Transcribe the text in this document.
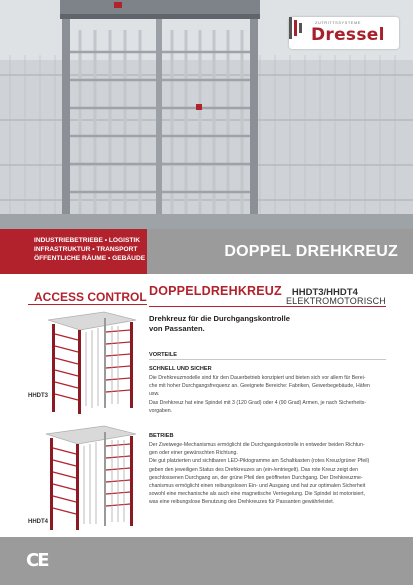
ZUTRITTSSYSTEME
Dressel
INDUSTRIEBETRIEBE • LOGISTIK
INFRASTRUKTUR • TRANSPORT
ÖFFENTLICHE RÄUME • GEBÄUDE	DOPPEL DREHKREUZ
ACCESS CONTROL
HHDT3
HHDT4
DOPPELDREHKREUZ HHDT3/HHDT4
ELEKTROMOTORISCH
Drehkreuz für die Durchgangskontrolle
von Passanten.
VORTEILE
SCHNELL UND SICHER
Die Drehkreuzmodelle sind für den Dauerbetrieb konzipiert und bieten sich vor allem für Berei-
che mit hoher Durchgangsfrequenz an. Geeignete Bereiche: Fabriken, Gewerbegebäude, Häfen
usw.
Das Drehkreuz hat eine Spindel mit 3 (120 Grad) oder 4 (90 Grad) Armen, je nach Sicherheits-
vorgaben.
BETRIEB
Der Zweiwege-Mechanismus ermöglicht die Durchgangskontrolle in entweder beiden Richtun-
gen oder einer gewünschten Richtung.
Die gut platzierten und sichtbaren LED-Piktogramme am Schaltkasten (rotes Kreuz/grüner Pfeil)
geben den jeweiligen Status des Drehkreuzes an (ein-/entriegelt). Das rote Kreuz zeigt den
geschlossenen Durchgang an, der grüne Pfeil den geöffneten Durchgang. Der Drehkreuzme-
chanismus ermöglicht einen reibungslosen Ein- und Ausgang und hat zur optimalen Sicherheit
sowohl eine mechanische als auch eine magnetische Verriegelung. Die Spindel ist motorisiert,
was eine reibungslose Benutzung des Drehkreuzes für Passanten gewährleistet.
CE
